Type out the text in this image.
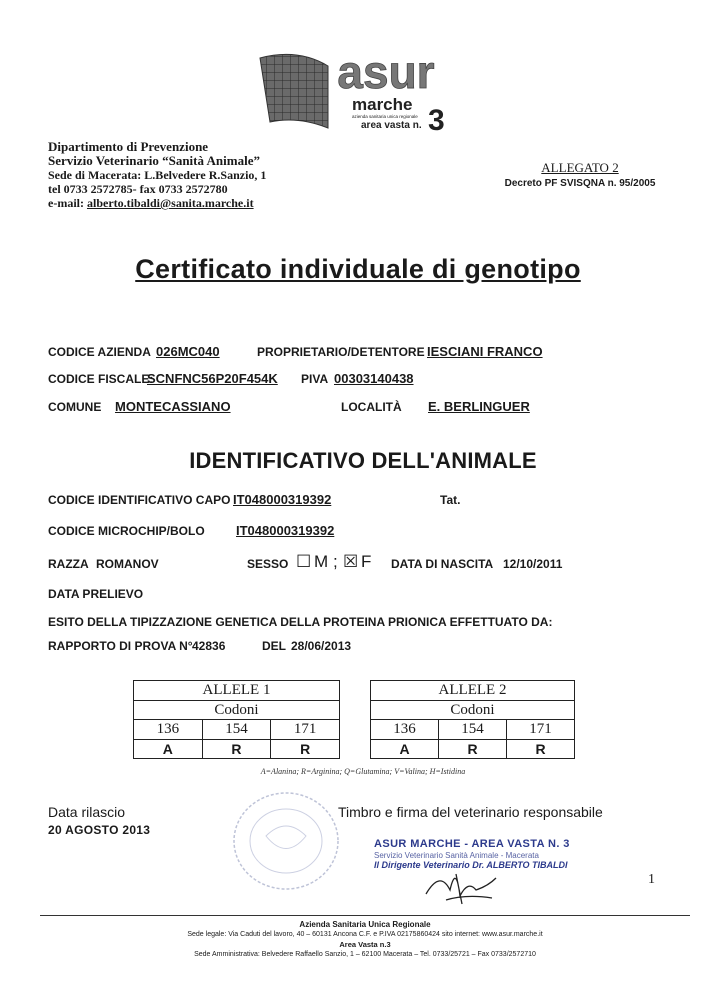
asur
marche
azienda sanitaria unica regionale
area vasta n. 3
Dipartimento di Prevenzione
Servizio Veterinario “Sanità Animale”
Sede di Macerata: L.Belvedere R.Sanzio, 1
tel 0733 2572785- fax 0733 2572780
e-mail: alberto.tibaldi@sanita.marche.it
ALLEGATO 2
Decreto PF SVISQNA n. 95/2005
Certificato individuale di genotipo
CODICE AZIENDA 026MC040	PROPRIETARIO/DETENTORE IESCIANI FRANCO
CODICE FISCALE:
SCNFNC56P20F454K PIVA 00303140438
COMUNE MONTECASSIANO	LOCALITÀ E. BERLINGUER
IDENTIFICATIVO DELL'ANIMALE
CODICE IDENTIFICATIVO CAPO IT048000319392	Tat.
CODICE MICROCHIP/BOLO IT048000319392
RAZZA ROMANOV	SESSO ☐ M ; ☒ F DATA DI NASCITA 12/10/2011
DATA PRELIEVO
ESITO DELLA TIPIZZAZIONE GENETICA DELLA PROTEINA PRIONICA EFFETTUATO DA:
RAPPORTO DI PROVA N° 42836	DEL 28/06/2013
ALLELE 1		
Codoni		
136	154	171
A	R	R
ALLELE 2		
Codoni		
136	154	171
A	R	R
A=Alanina; R=Arginina; Q=Glutamina; V=Valina; H=Istidina
Data rilascio
20 AGOSTO 2013
Timbro e firma del veterinario responsabile
ASUR MARCHE - AREA VASTA N. 3
Servizio Veterinario Sanità Animale - Macerata
Il Dirigente Veterinario Dr. ALBERTO TIBALDI
1
Azienda Sanitaria Unica Regionale
Sede legale: Via Caduti del lavoro, 40 – 60131 Ancona C.F. e P.IVA 02175860424 sito internet: www.asur.marche.it
Area Vasta n.3
Sede Amministrativa: Belvedere Raffaello Sanzio, 1 – 62100 Macerata – Tel. 0733/25721 – Fax 0733/2572710
